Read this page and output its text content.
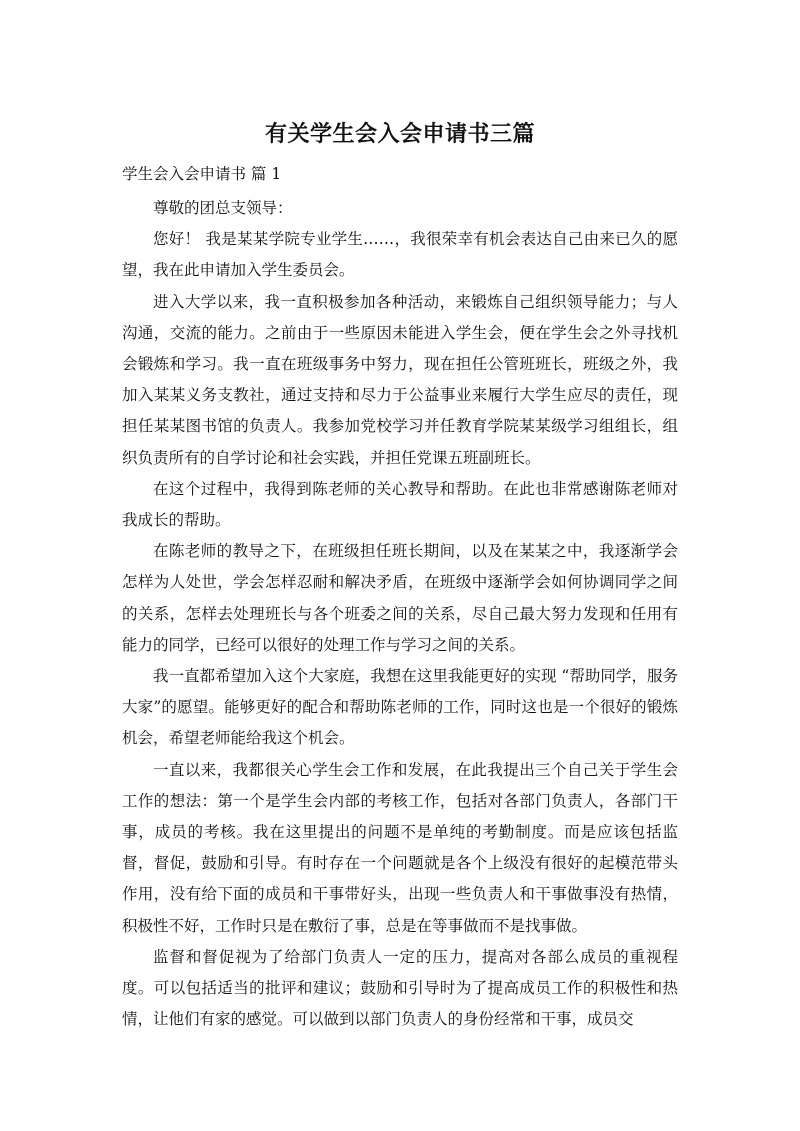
有关学生会入会申请书三篇
学生会入会申请书 篇 1

尊敬的团总支领导：

您好！ 我是某某学院专业学生……，我很荣幸有机会表达自己由来已久的愿望，我在此申请加入学生委员会。

进入大学以来，我一直积极参加各种活动，来锻炼自己组织领导能力；与人沟通，交流的能力。之前由于一些原因未能进入学生会，便在学生会之外寻找机会锻炼和学习。我一直在班级事务中努力，现在担任公管班班长，班级之外，我加入某某义务支教社，通过支持和尽力于公益事业来履行大学生应尽的责任，现担任某某图书馆的负责人。我参加党校学习并任教育学院某某级学习组组长，组织负责所有的自学讨论和社会实践，并担任党课五班副班长。

在这个过程中，我得到陈老师的关心教导和帮助。在此也非常感谢陈老师对我成长的帮助。

在陈老师的教导之下，在班级担任班长期间，以及在某某之中，我逐渐学会怎样为人处世，学会怎样忍耐和解决矛盾，在班级中逐渐学会如何协调同学之间的关系，怎样去处理班长与各个班委之间的关系，尽自己最大努力发现和任用有能力的同学，已经可以很好的处理工作与学习之间的关系。

我一直都希望加入这个大家庭，我想在这里我能更好的实现 “帮助同学，服务大家”的愿望。能够更好的配合和帮助陈老师的工作，同时这也是一个很好的锻炼机会，希望老师能给我这个机会。

一直以来，我都很关心学生会工作和发展，在此我提出三个自己关于学生会工作的想法：第一个是学生会内部的考核工作，包括对各部门负责人，各部门干事，成员的考核。我在这里提出的问题不是单纯的考勤制度。而是应该包括监督，督促，鼓励和引导。有时存在一个问题就是各个上级没有很好的起模范带头作用，没有给下面的成员和干事带好头，出现一些负责人和干事做事没有热情，积极性不好，工作时只是在敷衍了事，总是在等事做而不是找事做。

监督和督促视为了给部门负责人一定的压力，提高对各部么成员的重视程度。可以包括适当的批评和建议；鼓励和引导时为了提高成员工作的积极性和热情，让他们有家的感觉。可以做到以部门负责人的身份经常和干事，成员交
